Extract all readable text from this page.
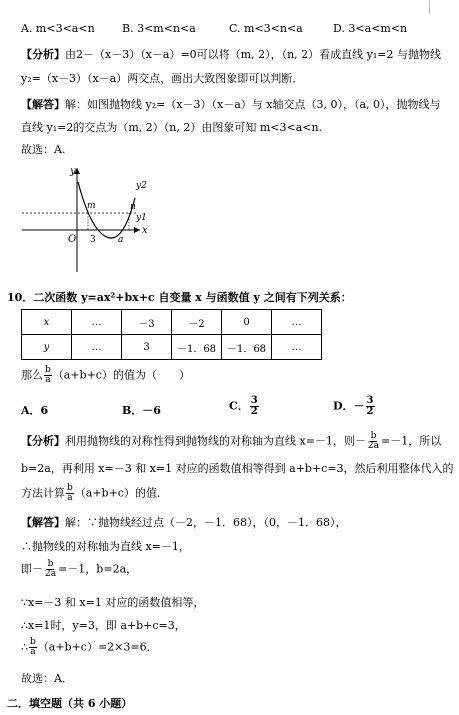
A. m<3<a<n B. 3<m<n<a	C. m<3<n<a	D. 3<a<m<n
【分析】由2－（x－3）（x－a）=0可以将（m, 2），（n, 2）看成直线 y₁=2 与抛物线
y₂=（x－3）（x－a）两交点，画出大致图象即可以判断．
【解答】解：如图抛物线 y₂=（x－3）（x－a）与 x轴交点（3, 0），（a, 0），抛物线与
直线 y₁=2的交点为（m, 2）（n, 2）由图象可知 m<3<a<n.
故选：A.
y
x
O 3 a
m	n
y1
y2
10．二次函数 y=ax²+bx+c 自变量 x 与函数值 y 之间有下列关系：
x	…	－3	－2	0	…
y	…	3	－1．68	－1．68	…
那么 $\frac{b}{a} (a+b+c)$的值为（　　）
A．6	B．－6	C． $\frac{3}{2}$	D．－ $\frac{3}{2}$
【分析】利用抛物线的对称性得到抛物线的对称轴为直线 x=－1，则－ $\frac{b}{2a} =-1$，所以
b=2a，再利用 x=－3 和 x=1 对应的函数值相等得到 a+b+c=3，然后利用整体代入的
方法计算 $\frac{b}{a} (a+b+c)$的值．
【解答】解：∵抛物线经过点（－2，－1．68），（0，－1．68），
∴抛物线的对称轴为直线 x=－1，
即－ $\frac{b}{2a} =-1$，b=2a，
∵x=－3 和 x=1 对应的函数值相等，
∴x=1时，y=3，即 a+b+c=3，
∴ $\frac{b}{a} (a+b+c)=2\times 3=6$．
故选：A．
二．填空题（共 6 小题）
